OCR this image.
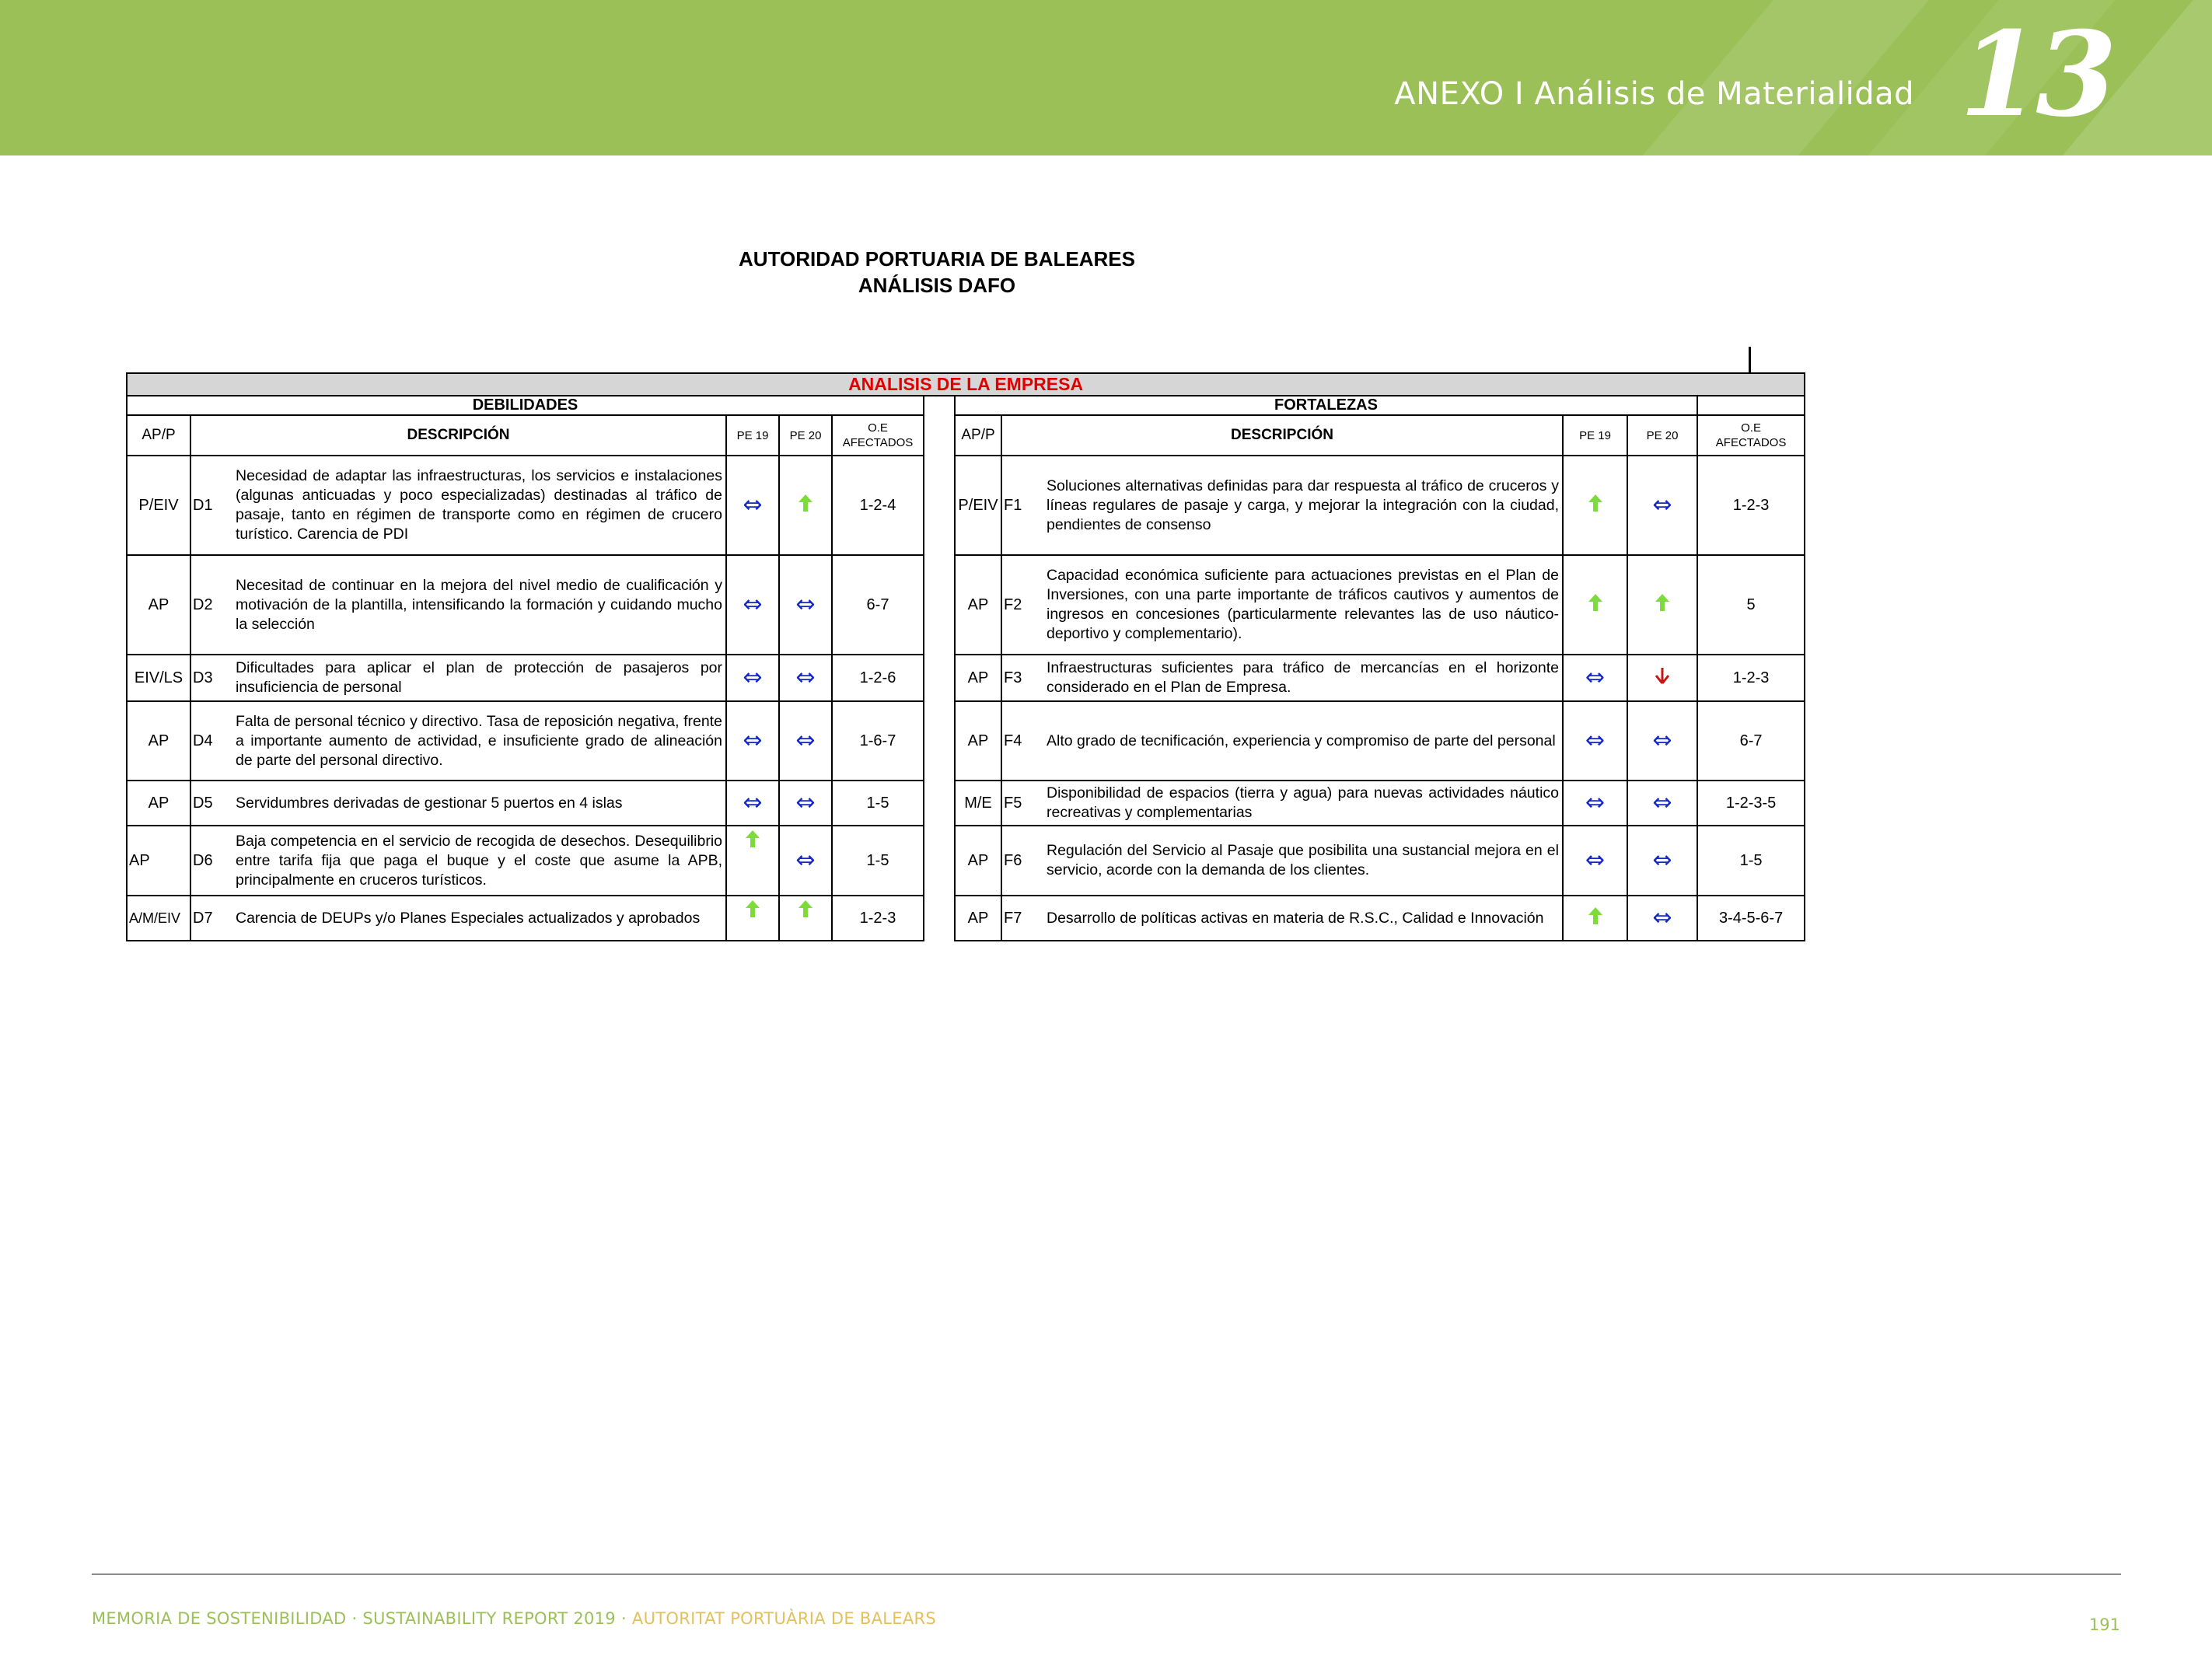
ANEXO I Análisis de Materialidad 13
AUTORIDAD PORTUARIA DE BALEARES
ANÁLISIS DAFO
ANALISIS DE LA EMPRESA												
DEBILIDADES							FORTALEZAS					
AP/P	DESCRIPCIÓN		PE 19	PE 20	O.E
AFECTADOS		AP/P	DESCRIPCIÓN		PE 19	PE 20	O.E
AFECTADOS
P/EIV	D1	Necesidad de adaptar las infraestructuras, los servicios e instalaciones (algunas anticuadas y poco especializadas) destinadas al tráfico de pasaje, tanto en régimen de transporte como en régimen de crucero turístico. Carencia de PDI	⇔		1-2-4		P/EIV	F1	Soluciones alternativas definidas para dar respuesta al tráfico de cruceros y líneas regulares de pasaje y carga, y mejorar la integración con la ciudad, pendientes de consenso		⇔	1-2-3
AP	D2	Necesitad de continuar en la mejora del nivel medio de cualificación y motivación de la plantilla, intensificando la formación y cuidando mucho la selección	⇔	⇔	6-7		AP	F2	Capacidad económica suficiente para actuaciones previstas en el Plan de Inversiones, con una parte importante de tráficos cautivos y aumentos de ingresos en concesiones (particularmente relevantes las de uso náutico-deportivo y complementario).			5
EIV/LS	D3	Dificultades para aplicar el plan de protección de pasajeros por insuficiencia de personal	⇔	⇔	1-2-6		AP	F3	Infraestructuras suficientes para tráfico de mercancías en el horizonte considerado en el Plan de Empresa.	⇔		1-2-3
AP	D4	Falta de personal técnico y directivo. Tasa de reposición negativa, frente a importante aumento de actividad, e insuficiente grado de alineación de parte del personal directivo.	⇔	⇔	1-6-7		AP	F4	Alto grado de tecnificación, experiencia y compromiso de parte del personal	⇔	⇔	6-7
AP	D5	Servidumbres derivadas de gestionar 5 puertos en 4 islas	⇔	⇔	1-5		M/E	F5	Disponibilidad de espacios (tierra y agua) para nuevas actividades náutico recreativas y complementarias	⇔	⇔	1-2-3-5
AP	D6	Baja competencia en el servicio de recogida de desechos. Desequilibrio entre tarifa fija que paga el buque y el coste que asume la APB, principalmente en cruceros turísticos.		⇔	1-5		AP	F6	Regulación del Servicio al Pasaje que posibilita una sustancial mejora en el servicio, acorde con la demanda de los clientes.	⇔	⇔	1-5
A/M/EIV	D7	Carencia de DEUPs y/o Planes Especiales actualizados y aprobados			1-2-3		AP	F7	Desarrollo de políticas activas en materia de R.S.C., Calidad e Innovación		⇔	3-4-5-6-7
MEMORIA DE SOSTENIBILIDAD · SUSTAINABILITY REPORT 2019 · AUTORITAT PORTUÀRIA DE BALEARS	191
